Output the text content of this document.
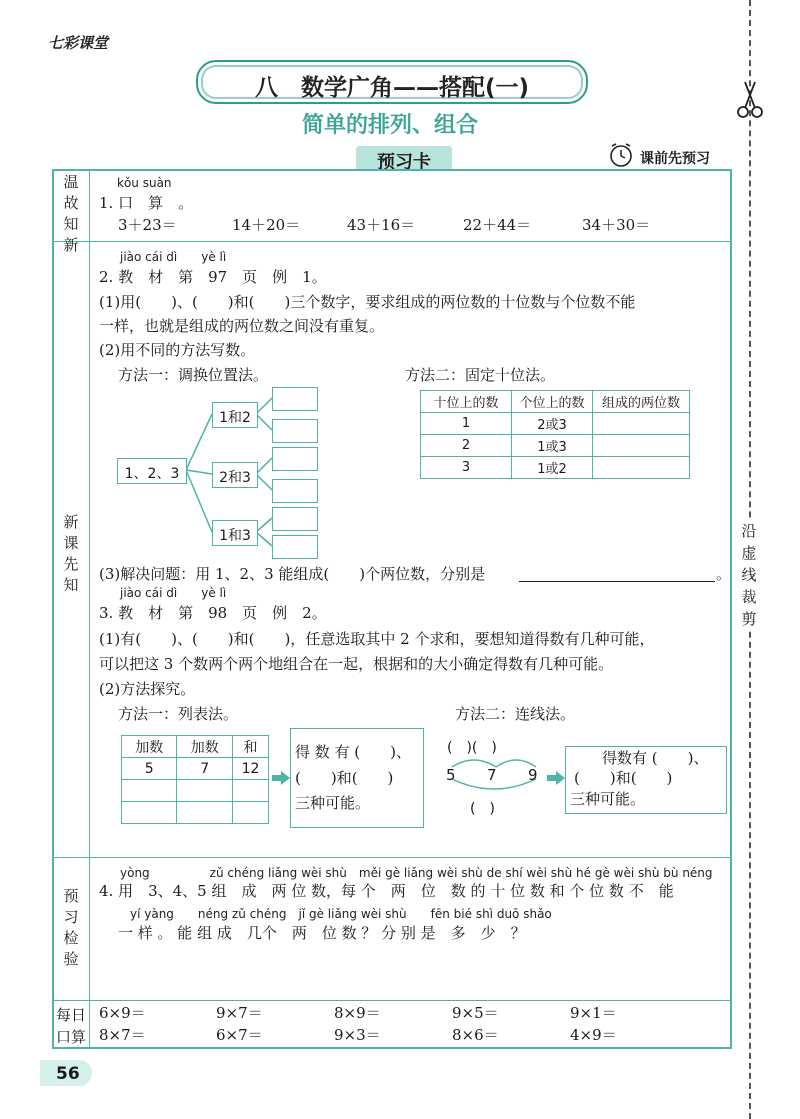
七彩课堂
八　数学广角——搭配(一)
简单的排列、组合
预习卡	课前先预习
沿
虚
线
裁
剪
温
故
知
新
新
课
先
知
预
习
检
验
每日
口算
kǒu suàn
1. 口　算　。
3＋23＝	14＋20＝	43＋16＝	22＋44＝	34＋30＝
jiào cái dì　　yè lì
2. 教　材　第　97　页　例　1。
(1)用(　　)、(　　)和(　　)三个数字，要求组成的两位数的十位数与个位数不能
一样，也就是组成的两位数之间没有重复。
(2)用不同的方法写数。
方法一：调换位置法。	方法二：固定十位法。
1、2、3
1和2
2和3
1和3
十位上的数	个位上的数	组成的两位数
1	2或3	
2	1或3	
3	1或2	
(3)解决问题：用 1、2、3 能组成(　　)个两位数，分别是	。
jiào cái dì　　yè lì
3. 教　材　第　98　页　例　2。
(1)有(　　)、(　　)和(　　)，任意选取其中 2 个求和，要想知道得数有几种可能，
可以把这 3 个数两个两个地组合在一起，根据和的大小确定得数有几种可能。
(2)方法探究。
方法一：列表法。	方法二：连线法。
加数	加数	和
5	7	12

得 数 有 (　　)、
(　　)和(　　)
三种可能。
(　)(　)
5 7 9
(　)
得数有 (　　)、
(　　)和(　　)
三种可能。
yòng　　　　　zǔ chéng liǎng wèi shù　měi gè liǎng wèi shù de shí wèi shù hé gè wèi shù bù néng
4. 用　3、4、5 组　成　两 位 数，每 个　两　位　数 的 十 位 数 和 个 位 数 不　能
yí yàng　　néng zǔ chéng　jǐ gè liǎng wèi shù　　fēn bié shì duō shǎo
一 样 。 能 组 成　几个　两　位 数 ？ 分 别 是　多　少　？
6×9＝	9×7＝	8×9＝	9×5＝	9×1＝
8×7＝	6×7＝	9×3＝	8×6＝	4×9＝
56
